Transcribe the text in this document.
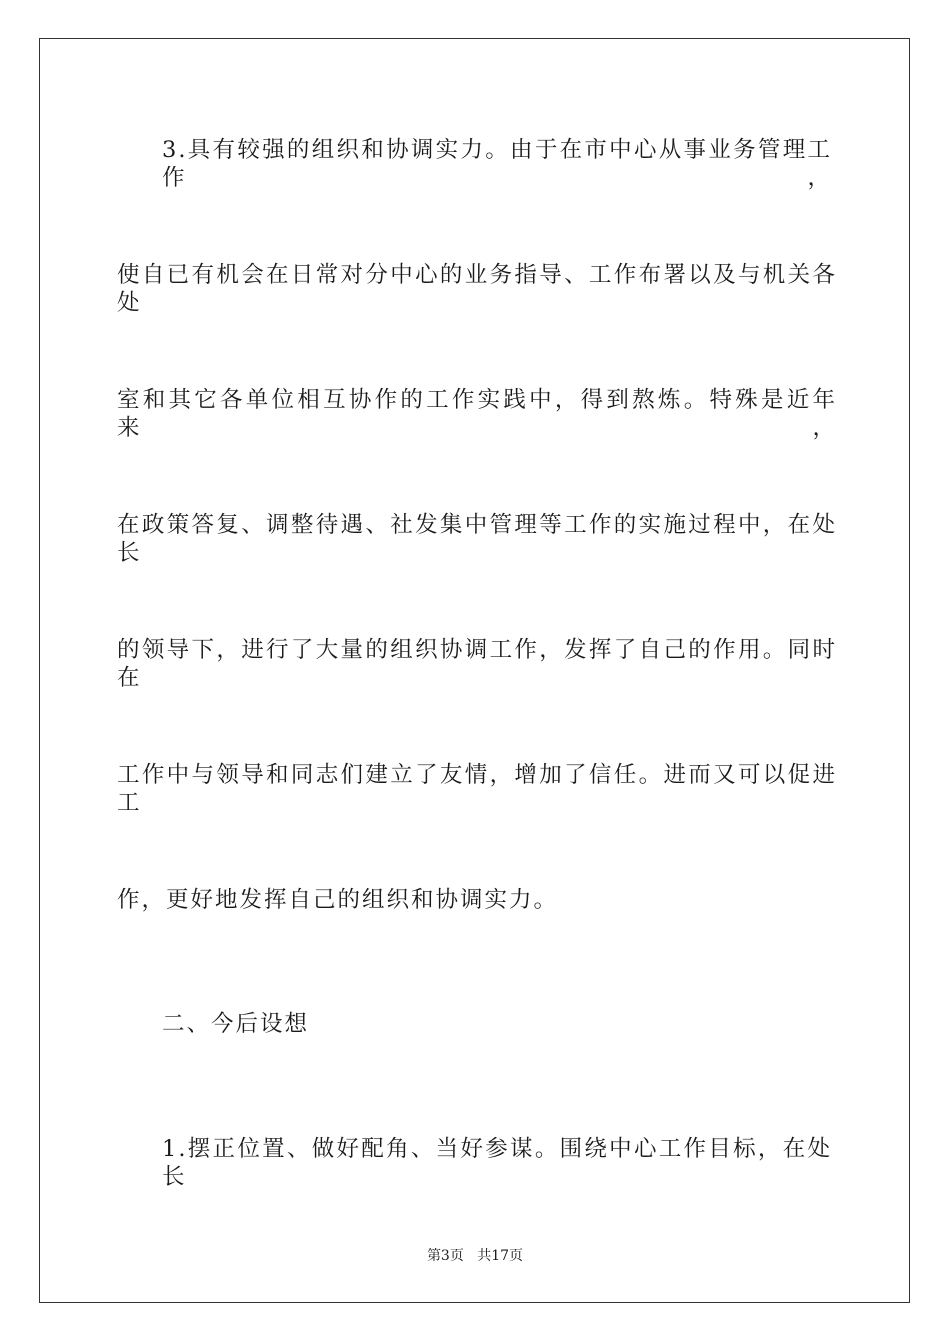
3.具有较强的组织和协调实力。由于在市中心从事业务管理工作，
使自已有机会在日常对分中心的业务指导、工作布署以及与机关各处
室和其它各单位相互协作的工作实践中，得到熬炼。特殊是近年来，
在政策答复、调整待遇、社发集中管理等工作的实施过程中，在处长
的领导下，进行了大量的组织协调工作，发挥了自己的作用。同时在
工作中与领导和同志们建立了友情，增加了信任。进而又可以促进工
作，更好地发挥自己的组织和协调实力。
二、今后设想
1.摆正位置、做好配角、当好参谋。围绕中心工作目标，在处长
第3页 共17页
